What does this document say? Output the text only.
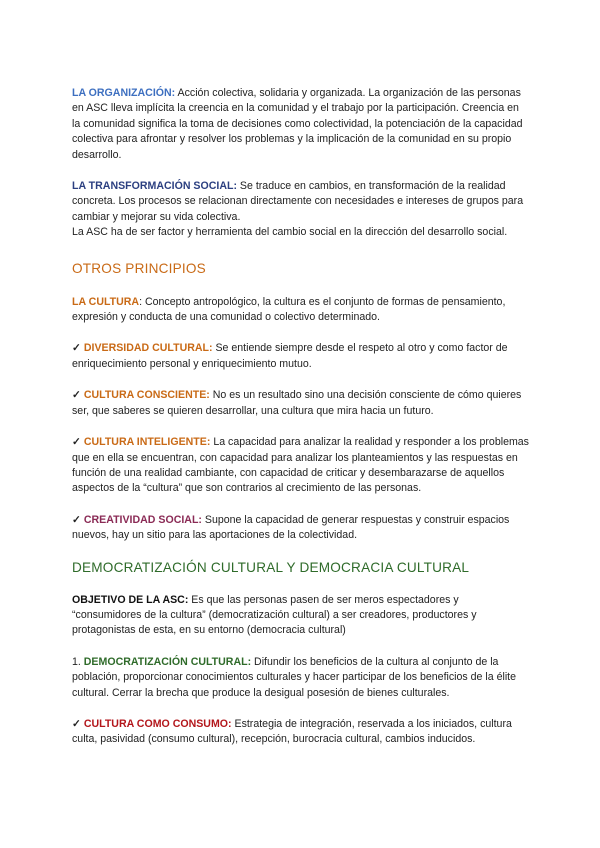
LA ORGANIZACIÓN: Acción colectiva, solidaria y organizada. La organización de las personas en ASC lleva implícita la creencia en la comunidad y el trabajo por la participación. Creencia en la comunidad significa la toma de decisiones como colectividad, la potenciación de la capacidad colectiva para afrontar y resolver los problemas y la implicación de la comunidad en su propio desarrollo.

LA TRANSFORMACIÓN SOCIAL: Se traduce en cambios, en transformación de la realidad concreta. Los procesos se relacionan directamente con necesidades e intereses de grupos para cambiar y mejorar su vida colectiva.

La ASC ha de ser factor y herramienta del cambio social en la dirección del desarrollo social.

OTROS PRINCIPIOS

LA CULTURA: Concepto antropológico, la cultura es el conjunto de formas de pensamiento, expresión y conducta de una comunidad o colectivo determinado.

✓ DIVERSIDAD CULTURAL: Se entiende siempre desde el respeto al otro y como factor de enriquecimiento personal y enriquecimiento mutuo.

✓ CULTURA CONSCIENTE: No es un resultado sino una decisión consciente de cómo quieres ser, que saberes se quieren desarrollar, una cultura que mira hacia un futuro.

✓ CULTURA INTELIGENTE: La capacidad para analizar la realidad y responder a los problemas que en ella se encuentran, con capacidad para analizar los planteamientos y las respuestas en función de una realidad cambiante, con capacidad de criticar y desembarazarse de aquellos aspectos de la “cultura” que son contrarios al crecimiento de las personas.

✓ CREATIVIDAD SOCIAL: Supone la capacidad de generar respuestas y construir espacios nuevos, hay un sitio para las aportaciones de la colectividad.

DEMOCRATIZACIÓN CULTURAL Y DEMOCRACIA CULTURAL

OBJETIVO DE LA ASC: Es que las personas pasen de ser meros espectadores y “consumidores de la cultura” (democratización cultural) a ser creadores, productores y protagonistas de esta, en su entorno (democracia cultural)

1. DEMOCRATIZACIÓN CULTURAL: Difundir los beneficios de la cultura al conjunto de la población, proporcionar conocimientos culturales y hacer participar de los beneficios de la élite cultural. Cerrar la brecha que produce la desigual posesión de bienes culturales.

✓ CULTURA COMO CONSUMO: Estrategia de integración, reservada a los iniciados, cultura culta, pasividad (consumo cultural), recepción, burocracia cultural, cambios inducidos.
